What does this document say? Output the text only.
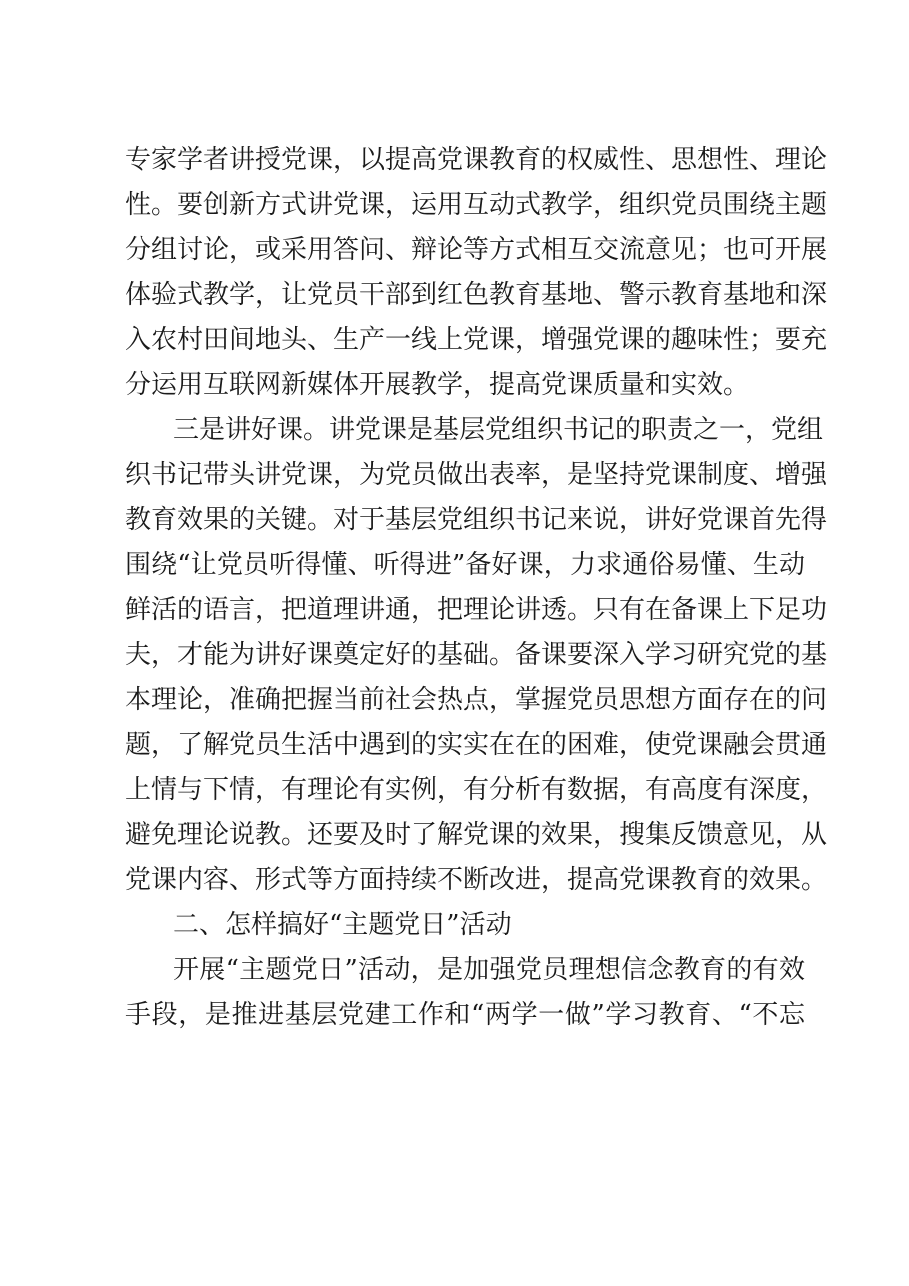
专家学者讲授党课，以提高党课教育的权威性、思想性、理论
性。要创新方式讲党课，运用互动式教学，组织党员围绕主题
分组讨论，或采用答问、辩论等方式相互交流意见；也可开展
体验式教学，让党员干部到红色教育基地、警示教育基地和深
入农村田间地头、生产一线上党课，增强党课的趣味性；要充
分运用互联网新媒体开展教学，提高党课质量和实效。
三是讲好课。讲党课是基层党组织书记的职责之一，党组
织书记带头讲党课，为党员做出表率，是坚持党课制度、增强
教育效果的关键。对于基层党组织书记来说，讲好党课首先得
围绕“让党员听得懂、听得进”备好课，力求通俗易懂、生动
鲜活的语言，把道理讲通，把理论讲透。只有在备课上下足功
夫，才能为讲好课奠定好的基础。备课要深入学习研究党的基
本理论，准确把握当前社会热点，掌握党员思想方面存在的问
题，了解党员生活中遇到的实实在在的困难，使党课融会贯通
上情与下情，有理论有实例，有分析有数据，有高度有深度，
避免理论说教。还要及时了解党课的效果，搜集反馈意见，从
党课内容、形式等方面持续不断改进，提高党课教育的效果。
二、怎样搞好“主题党日”活动
开展“主题党日”活动，是加强党员理想信念教育的有效
手段，是推进基层党建工作和“两学一做”学习教育、“不忘
